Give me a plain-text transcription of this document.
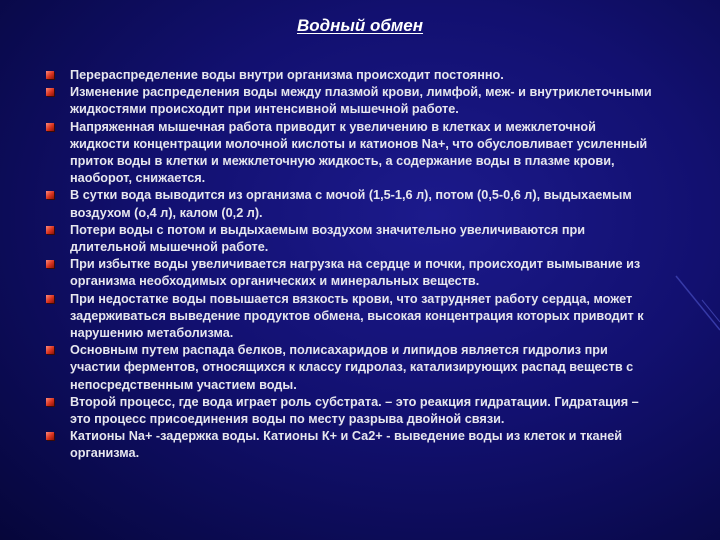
Водный обмен
Перераспределение воды внутри организма происходит постоянно.
Изменение распределения воды между плазмой крови, лимфой, меж- и внутриклеточными жидкостями происходит при интенсивной мышечной работе.
Напряженная мышечная работа приводит к увеличению в клетках и межклеточной жидкости концентрации молочной кислоты и катионов Na+, что обусловливает усиленный приток воды в клетки и межклеточную жидкость, а содержание воды в плазме крови, наоборот, снижается.
В сутки вода выводится из организма с мочой (1,5-1,6 л), потом (0,5-0,6 л), выдыхаемым воздухом (о,4 л), калом (0,2 л).
Потери воды с потом и выдыхаемым воздухом значительно увеличиваются при длительной мышечной работе.
При избытке воды увеличивается нагрузка на сердце и почки, происходит вымывание из организма необходимых органических и минеральных веществ.
При недостатке воды повышается вязкость крови, что затрудняет работу сердца, может задерживаться выведение продуктов обмена, высокая концентрация которых приводит к нарушению метаболизма.
Основным путем распада белков, полисахаридов и липидов является гидролиз при участии ферментов, относящихся к классу гидролаз, катализирующих распад веществ с непосредственным участием воды.
Второй процесс, где вода играет роль субстрата. – это реакция гидратации. Гидратация – это процесс присоединения воды по месту разрыва двойной связи.
Катионы Na+ -задержка воды. Катионы К+ и Са2+ - выведение воды из клеток и тканей организма.
